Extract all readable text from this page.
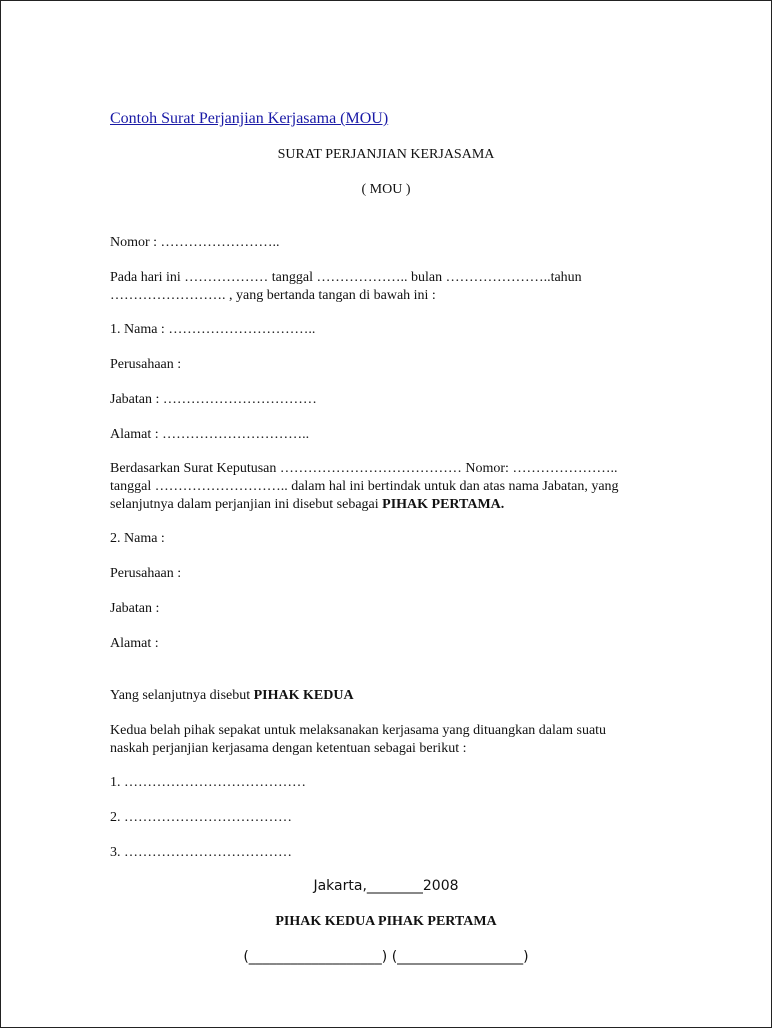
Contoh Surat Perjanjian Kerjasama (MOU)

SURAT PERJANJIAN KERJASAMA

( MOU )

Nomor : ……………………..

Pada hari ini ……………… tanggal ……………….. bulan …………………..tahun

……………………. , yang bertanda tangan di bawah ini :

1. Nama : …………………………..

Perusahaan :

Jabatan : ……………………………

Alamat : …………………………..

Berdasarkan Surat Keputusan ………………………………… Nomor: …………………..

tanggal ……………………….. dalam hal ini bertindak untuk dan atas nama Jabatan, yang

selanjutnya dalam perjanjian ini disebut sebagai PIHAK PERTAMA.

2. Nama :

Perusahaan :

Jabatan :

Alamat :

Yang selanjutnya disebut PIHAK KEDUA

Kedua belah pihak sepakat untuk melaksanakan kerjasama yang dituangkan dalam suatu

naskah perjanjian kerjasama dengan ketentuan sebagai berikut :

1. …………………………………

2. ………………………………

3. ………………………………

Jakarta,________2008

PIHAK KEDUA PIHAK PERTAMA

(___________________) (__________________)
